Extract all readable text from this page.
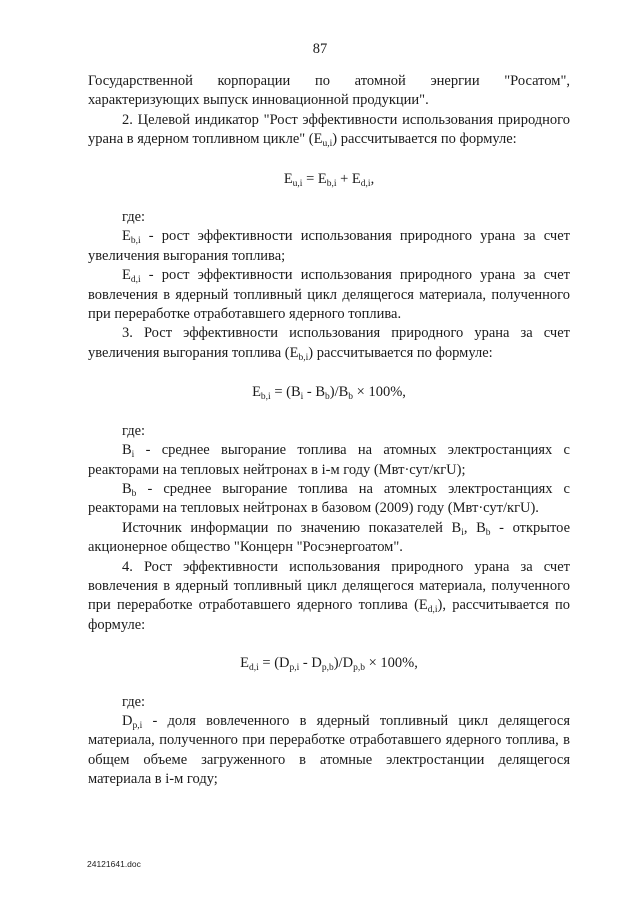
87

Государственной корпорации по атомной энергии "Росатом", характеризующих выпуск инновационной продукции".

2. Целевой индикатор "Рост эффективности использования природного урана в ядерном топливном цикле" $(E_{u,i})$ рассчитывается по формуле:

$E_{u,i} = E_{b,i} + E_{d,i}$,

где:

$E_{b,i}$ - рост эффективности использования природного урана за счет увеличения выгорания топлива;

$E_{d,i}$ - рост эффективности использования природного урана за счет вовлечения в ядерный топливный цикл делящегося материала, полученного при переработке отработавшего ядерного топлива.

3. Рост эффективности использования природного урана за счет увеличения выгорания топлива $(E_{b,i})$ рассчитывается по формуле:

$E_{b,i} = (B_i - B_b)/B_b \times 100\%$,

где:

$B_i$ - среднее выгорание топлива на атомных электростанциях с реакторами на тепловых нейтронах в i-м году (Мвт·сут/кгU);

$B_b$ - среднее выгорание топлива на атомных электростанциях с реакторами на тепловых нейтронах в базовом (2009) году (Мвт·сут/кгU).

Источник информации по значению показателей $B_i$, $B_b$ - открытое акционерное общество "Концерн "Росэнергоатом".

4. Рост эффективности использования природного урана за счет вовлечения в ядерный топливный цикл делящегося материала, полученного при переработке отработавшего ядерного топлива $(E_{d,i})$, рассчитывается по формуле:

$E_{d,i} = (D_{p,i} - D_{p,b})/D_{p,b} \times 100\%$,

где:

$D_{p,i}$ - доля вовлеченного в ядерный топливный цикл делящегося материала, полученного при переработке отработавшего ядерного топлива, в общем объеме загруженного в атомные электростанции делящегося материала в i-м году;

24121641.doc
